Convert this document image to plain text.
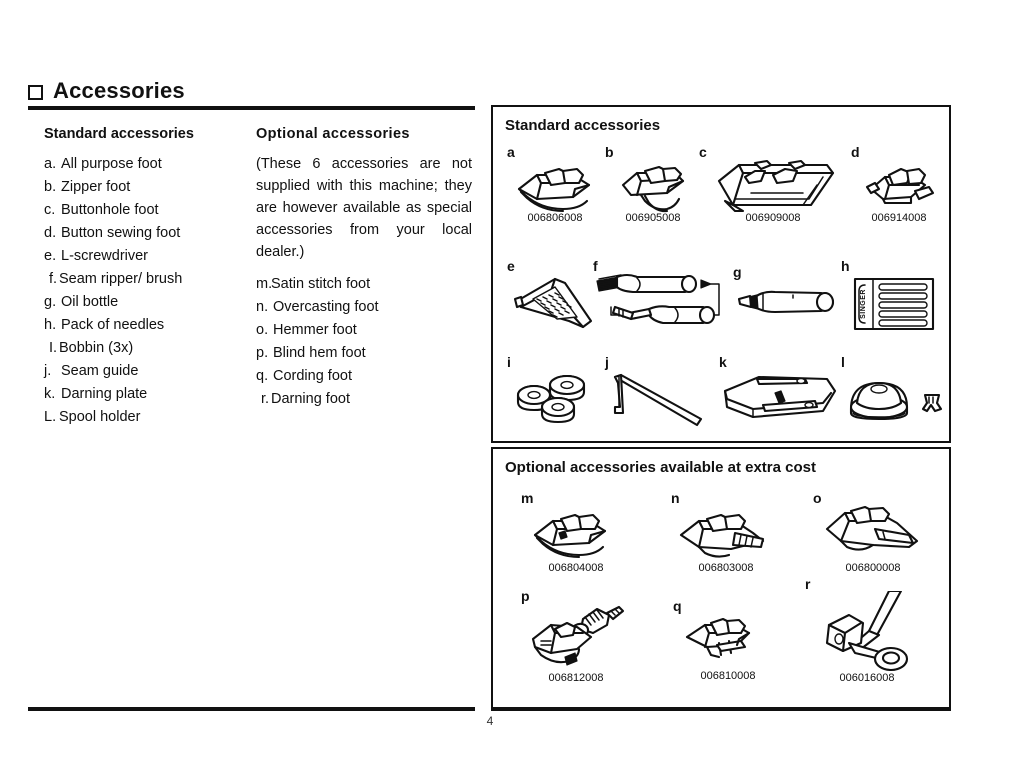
Accessories
Standard accessories
a. All purpose foot
b. Zipper foot
c. Buttonhole foot
d. Button sewing foot
e. L-screwdriver
f. Seam ripper/ brush
g. Oil bottle
h. Pack of needles
I. Bobbin (3x)
j. Seam guide
k. Darning plate
L. Spool holder
Optional accessories
(These 6 accessories are not supplied with this machine; they are however available as special accessories from your local dealer.)
m.
Satin stitch foot
n. Overcasting foot
o. Hemmer foot
p. Blind hem foot
q. Cording foot
r. Darning foot
Standard accessories
a
006806008
b
006905008
c
006909008
d
006914008
e	f	g	h
SINGER
i	j	k	l
Optional accessories available at extra cost
m
006804008
n
006803008
o
006800008
p
006812008
q
006810008
r
006016008
4
